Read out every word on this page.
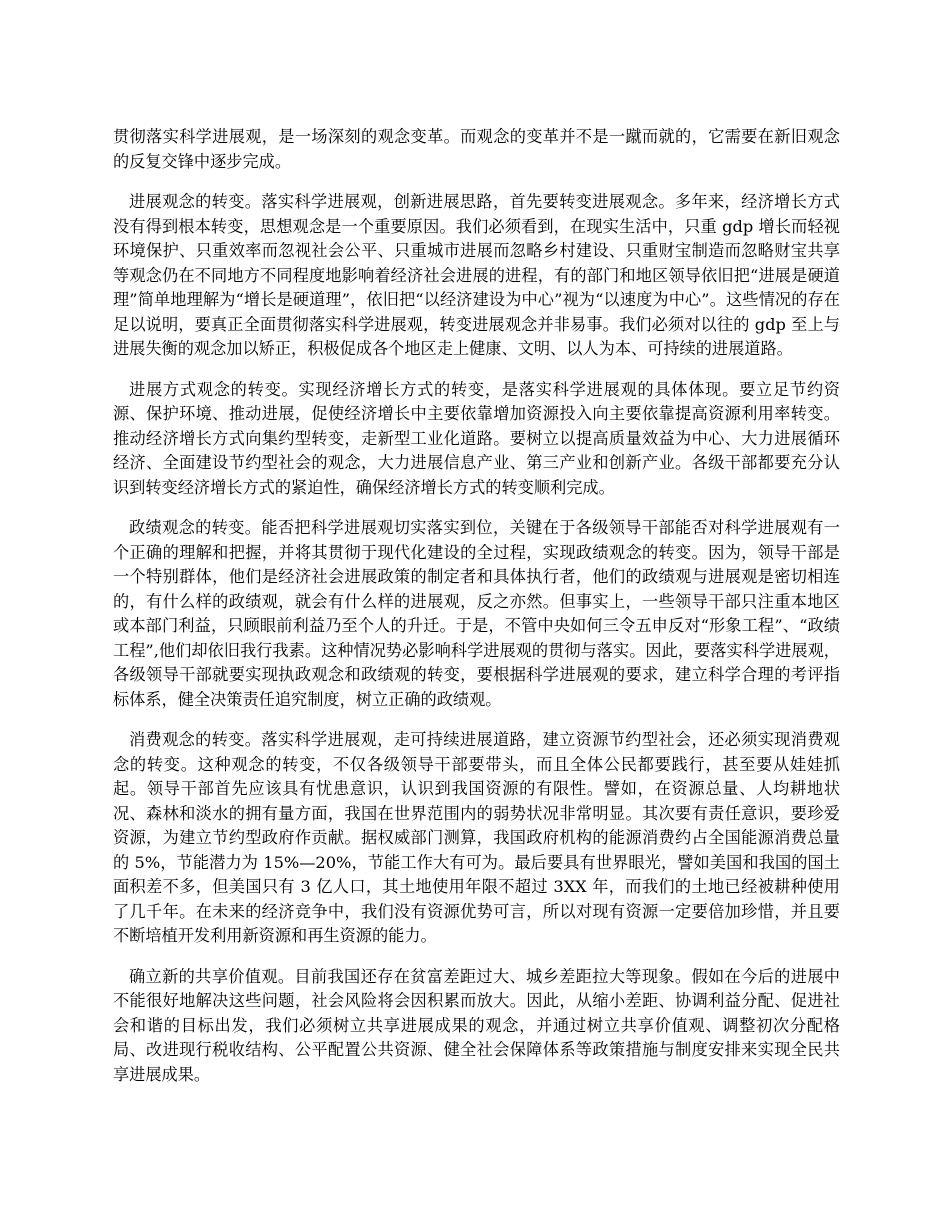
贯彻落实科学进展观，是一场深刻的观念变革。而观念的变革并不是一蹴而就的，它需要在新旧观念的反复交锋中逐步完成。

进展观念的转变。落实科学进展观，创新进展思路，首先要转变进展观念。多年来，经济增长方式没有得到根本转变，思想观念是一个重要原因。我们必须看到，在现实生活中，只重 gdp 增长而轻视环境保护、只重效率而忽视社会公平、只重城市进展而忽略乡村建设、只重财宝制造而忽略财宝共享等观念仍在不同地方不同程度地影响着经济社会进展的进程，有的部门和地区领导依旧把“进展是硬道理”简单地理解为“增长是硬道理”，依旧把“以经济建设为中心”视为“以速度为中心”。这些情况的存在足以说明，要真正全面贯彻落实科学进展观，转变进展观念并非易事。我们必须对以往的 gdp 至上与进展失衡的观念加以矫正，积极促成各个地区走上健康、文明、以人为本、可持续的进展道路。

进展方式观念的转变。实现经济增长方式的转变，是落实科学进展观的具体体现。要立足节约资源、保护环境、推动进展，促使经济增长中主要依靠增加资源投入向主要依靠提高资源利用率转变。推动经济增长方式向集约型转变，走新型工业化道路。要树立以提高质量效益为中心、大力进展循环经济、全面建设节约型社会的观念，大力进展信息产业、第三产业和创新产业。各级干部都要充分认识到转变经济增长方式的紧迫性，确保经济增长方式的转变顺利完成。

政绩观念的转变。能否把科学进展观切实落实到位，关键在于各级领导干部能否对科学进展观有一个正确的理解和把握，并将其贯彻于现代化建设的全过程，实现政绩观念的转变。因为，领导干部是一个特别群体，他们是经济社会进展政策的制定者和具体执行者，他们的政绩观与进展观是密切相连的，有什么样的政绩观，就会有什么样的进展观，反之亦然。但事实上，一些领导干部只注重本地区或本部门利益，只顾眼前利益乃至个人的升迁。于是，不管中央如何三令五申反对“形象工程”、“政绩工程”,他们却依旧我行我素。这种情况势必影响科学进展观的贯彻与落实。因此，要落实科学进展观，各级领导干部就要实现执政观念和政绩观的转变，要根据科学进展观的要求，建立科学合理的考评指标体系，健全决策责任追究制度，树立正确的政绩观。

消费观念的转变。落实科学进展观，走可持续进展道路，建立资源节约型社会，还必须实现消费观念的转变。这种观念的转变，不仅各级领导干部要带头，而且全体公民都要践行，甚至要从娃娃抓起。领导干部首先应该具有忧患意识，认识到我国资源的有限性。譬如，在资源总量、人均耕地状况、森林和淡水的拥有量方面，我国在世界范围内的弱势状况非常明显。其次要有责任意识，要珍爱资源，为建立节约型政府作贡献。据权威部门测算，我国政府机构的能源消费约占全国能源消费总量的 5%，节能潜力为 15%—20%，节能工作大有可为。最后要具有世界眼光，譬如美国和我国的国土面积差不多，但美国只有 3 亿人口，其土地使用年限不超过 3XX 年，而我们的土地已经被耕种使用了几千年。在未来的经济竞争中，我们没有资源优势可言，所以对现有资源一定要倍加珍惜，并且要不断培植开发利用新资源和再生资源的能力。

确立新的共享价值观。目前我国还存在贫富差距过大、城乡差距拉大等现象。假如在今后的进展中不能很好地解决这些问题，社会风险将会因积累而放大。因此，从缩小差距、协调利益分配、促进社会和谐的目标出发，我们必须树立共享进展成果的观念，并通过树立共享价值观、调整初次分配格局、改进现行税收结构、公平配置公共资源、健全社会保障体系等政策措施与制度安排来实现全民共享进展成果。
